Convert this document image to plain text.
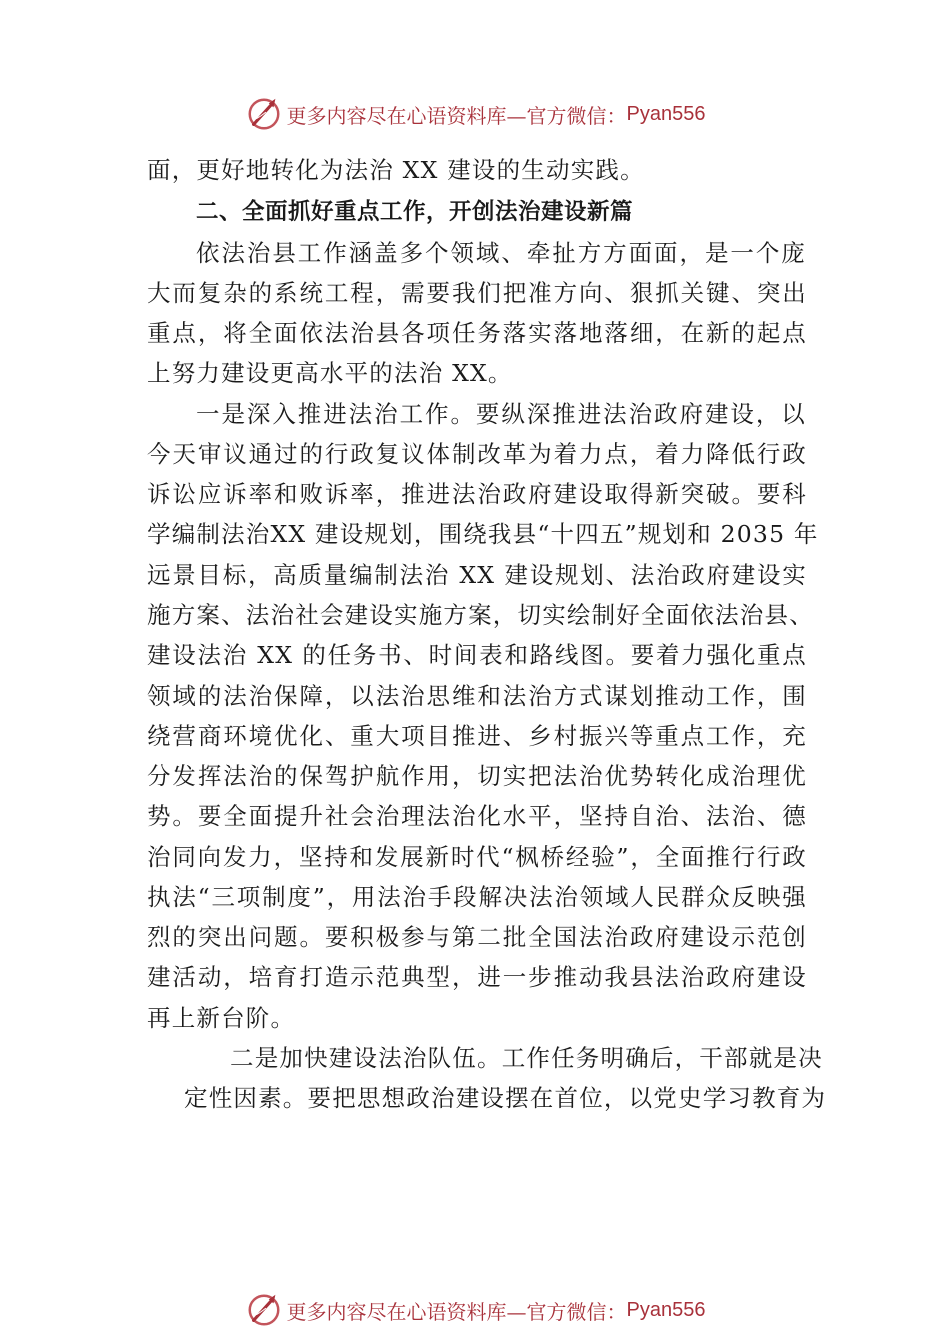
更多内容尽在心语资料库—官方微信： Pyan556
面，更好地转化为法治 XX 建设的生动实践。
二、全面抓好重点工作，开创法治建设新篇
依法治县工作涵盖多个领域、牵扯方方面面，是一个庞
大而复杂的系统工程，需要我们把准方向、狠抓关键、突出
重点，将全面依法治县各项任务落实落地落细，在新的起点
上努力建设更高水平的法治 XX。
一是深入推进法治工作。要纵深推进法治政府建设，以
今天审议通过的行政复议体制改革为着力点，着力降低行政
诉讼应诉率和败诉率，推进法治政府建设取得新突破。要科
学编制法治XX 建设规划，围绕我县“十四五”规划和 2035 年
远景目标，高质量编制法治 XX 建设规划、法治政府建设实
施方案、法治社会建设实施方案，切实绘制好全面依法治县、
建设法治 XX 的任务书、时间表和路线图。要着力强化重点
领域的法治保障，以法治思维和法治方式谋划推动工作，围
绕营商环境优化、重大项目推进、乡村振兴等重点工作，充
分发挥法治的保驾护航作用，切实把法治优势转化成治理优
势。要全面提升社会治理法治化水平，坚持自治、法治、德
治同向发力，坚持和发展新时代“枫桥经验”，全面推行行政
执法“三项制度”，用法治手段解决法治领域人民群众反映强
烈的突出问题。要积极参与第二批全国法治政府建设示范创
建活动，培育打造示范典型，进一步推动我县法治政府建设
再上新台阶。
二是加快建设法治队伍。工作任务明确后，干部就是决
定性因素。要把思想政治建设摆在首位，以党史学习教育为
更多内容尽在心语资料库—官方微信： Pyan556
